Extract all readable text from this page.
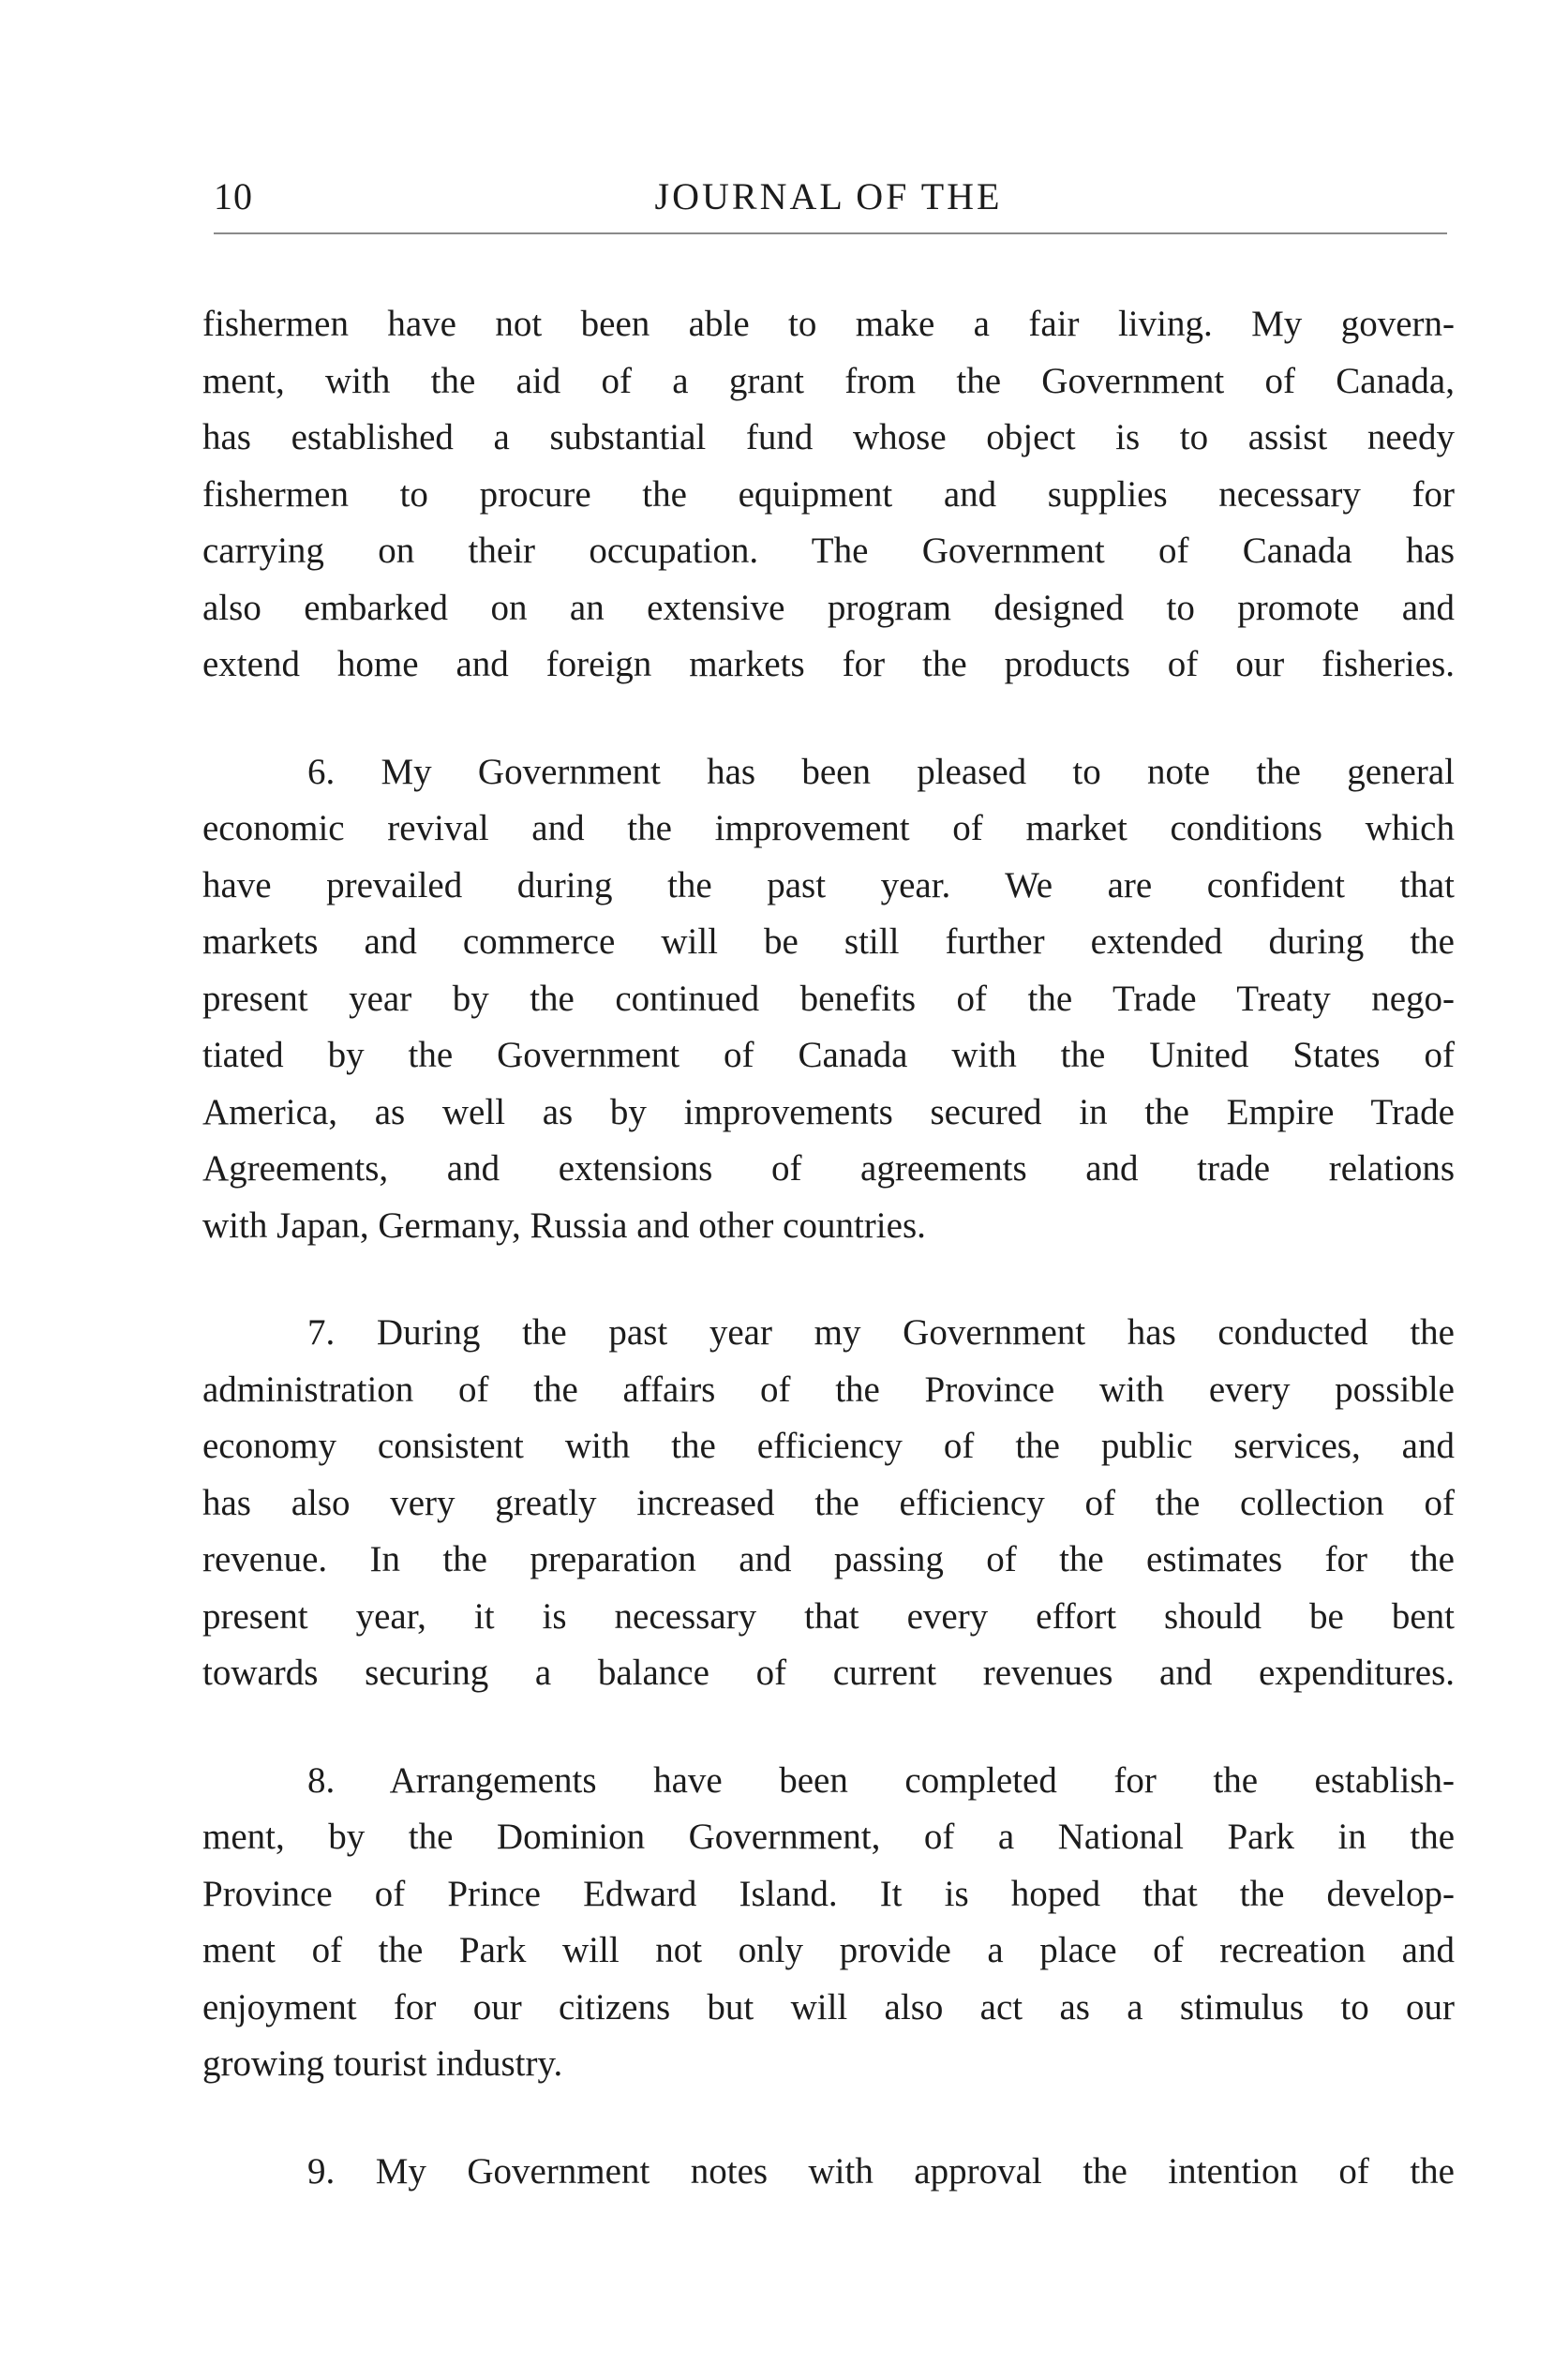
10	JOURNAL OF THE
fishermen have not been able to make a fair living. My govern-
ment, with the aid of a grant from the Government of Canada,
has established a substantial fund whose object is to assist needy
fishermen to procure the equipment and supplies necessary for
carrying on their occupation. The Government of Canada has
also embarked on an extensive program designed to promote and
extend home and foreign markets for the products of our fisheries.
6. My Government has been pleased to note the general
economic revival and the improvement of market conditions which
have prevailed during the past year. We are confident that
markets and commerce will be still further extended during the
present year by the continued benefits of the Trade Treaty nego-
tiated by the Government of Canada with the United States of
America, as well as by improvements secured in the Empire Trade
Agreements, and extensions of agreements and trade relations
with Japan, Germany, Russia and other countries.
7. During the past year my Government has conducted the
administration of the affairs of the Province with every possible
economy consistent with the efficiency of the public services, and
has also very greatly increased the efficiency of the collection of
revenue. In the preparation and passing of the estimates for the
present year, it is necessary that every effort should be bent
towards securing a balance of current revenues and expenditures.
8. Arrangements have been completed for the establish-
ment, by the Dominion Government, of a National Park in the
Province of Prince Edward Island. It is hoped that the develop-
ment of the Park will not only provide a place of recreation and
enjoyment for our citizens but will also act as a stimulus to our
growing tourist industry.
9. My Government notes with approval the intention of the
